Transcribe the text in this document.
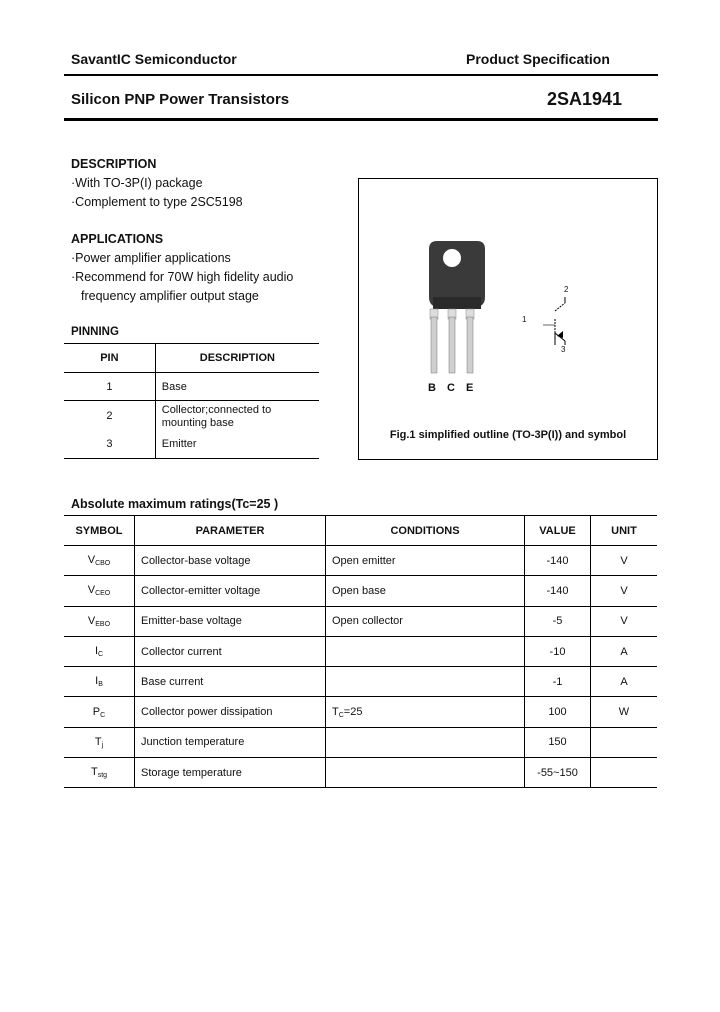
SavantIC Semiconductor	Product Specification
Silicon PNP Power Transistors	2SA1941
DESCRIPTION
·With TO-3P(I) package
·Complement to type 2SC5198
APPLICATIONS
·Power amplifier applications
·Recommend for 70W high fidelity audio
frequency amplifier output stage
PINNING
PIN	DESCRIPTION
1	Base
2	Collector;connected to mounting base
3	Emitter
B C E
1
2
3
Fig.1 simplified outline (TO-3P(I)) and symbol
Absolute maximum ratings(Tc=25 )
SYMBOL	PARAMETER	CONDITIONS	VALUE	UNIT
$V_{CBO}$	Collector-base voltage	Open emitter	-140	V
$V_{CEO}$	Collector-emitter voltage	Open base	-140	V
$V_{EBO}$	Emitter-base voltage	Open collector	-5	V
$I_C$	Collector current		-10	A
$I_B$	Base current		-1	A
$P_C$	Collector power dissipation	$T_C=25$	100	W
$T_j$	Junction temperature		150	
$T_{stg}$	Storage temperature		-55~150	
